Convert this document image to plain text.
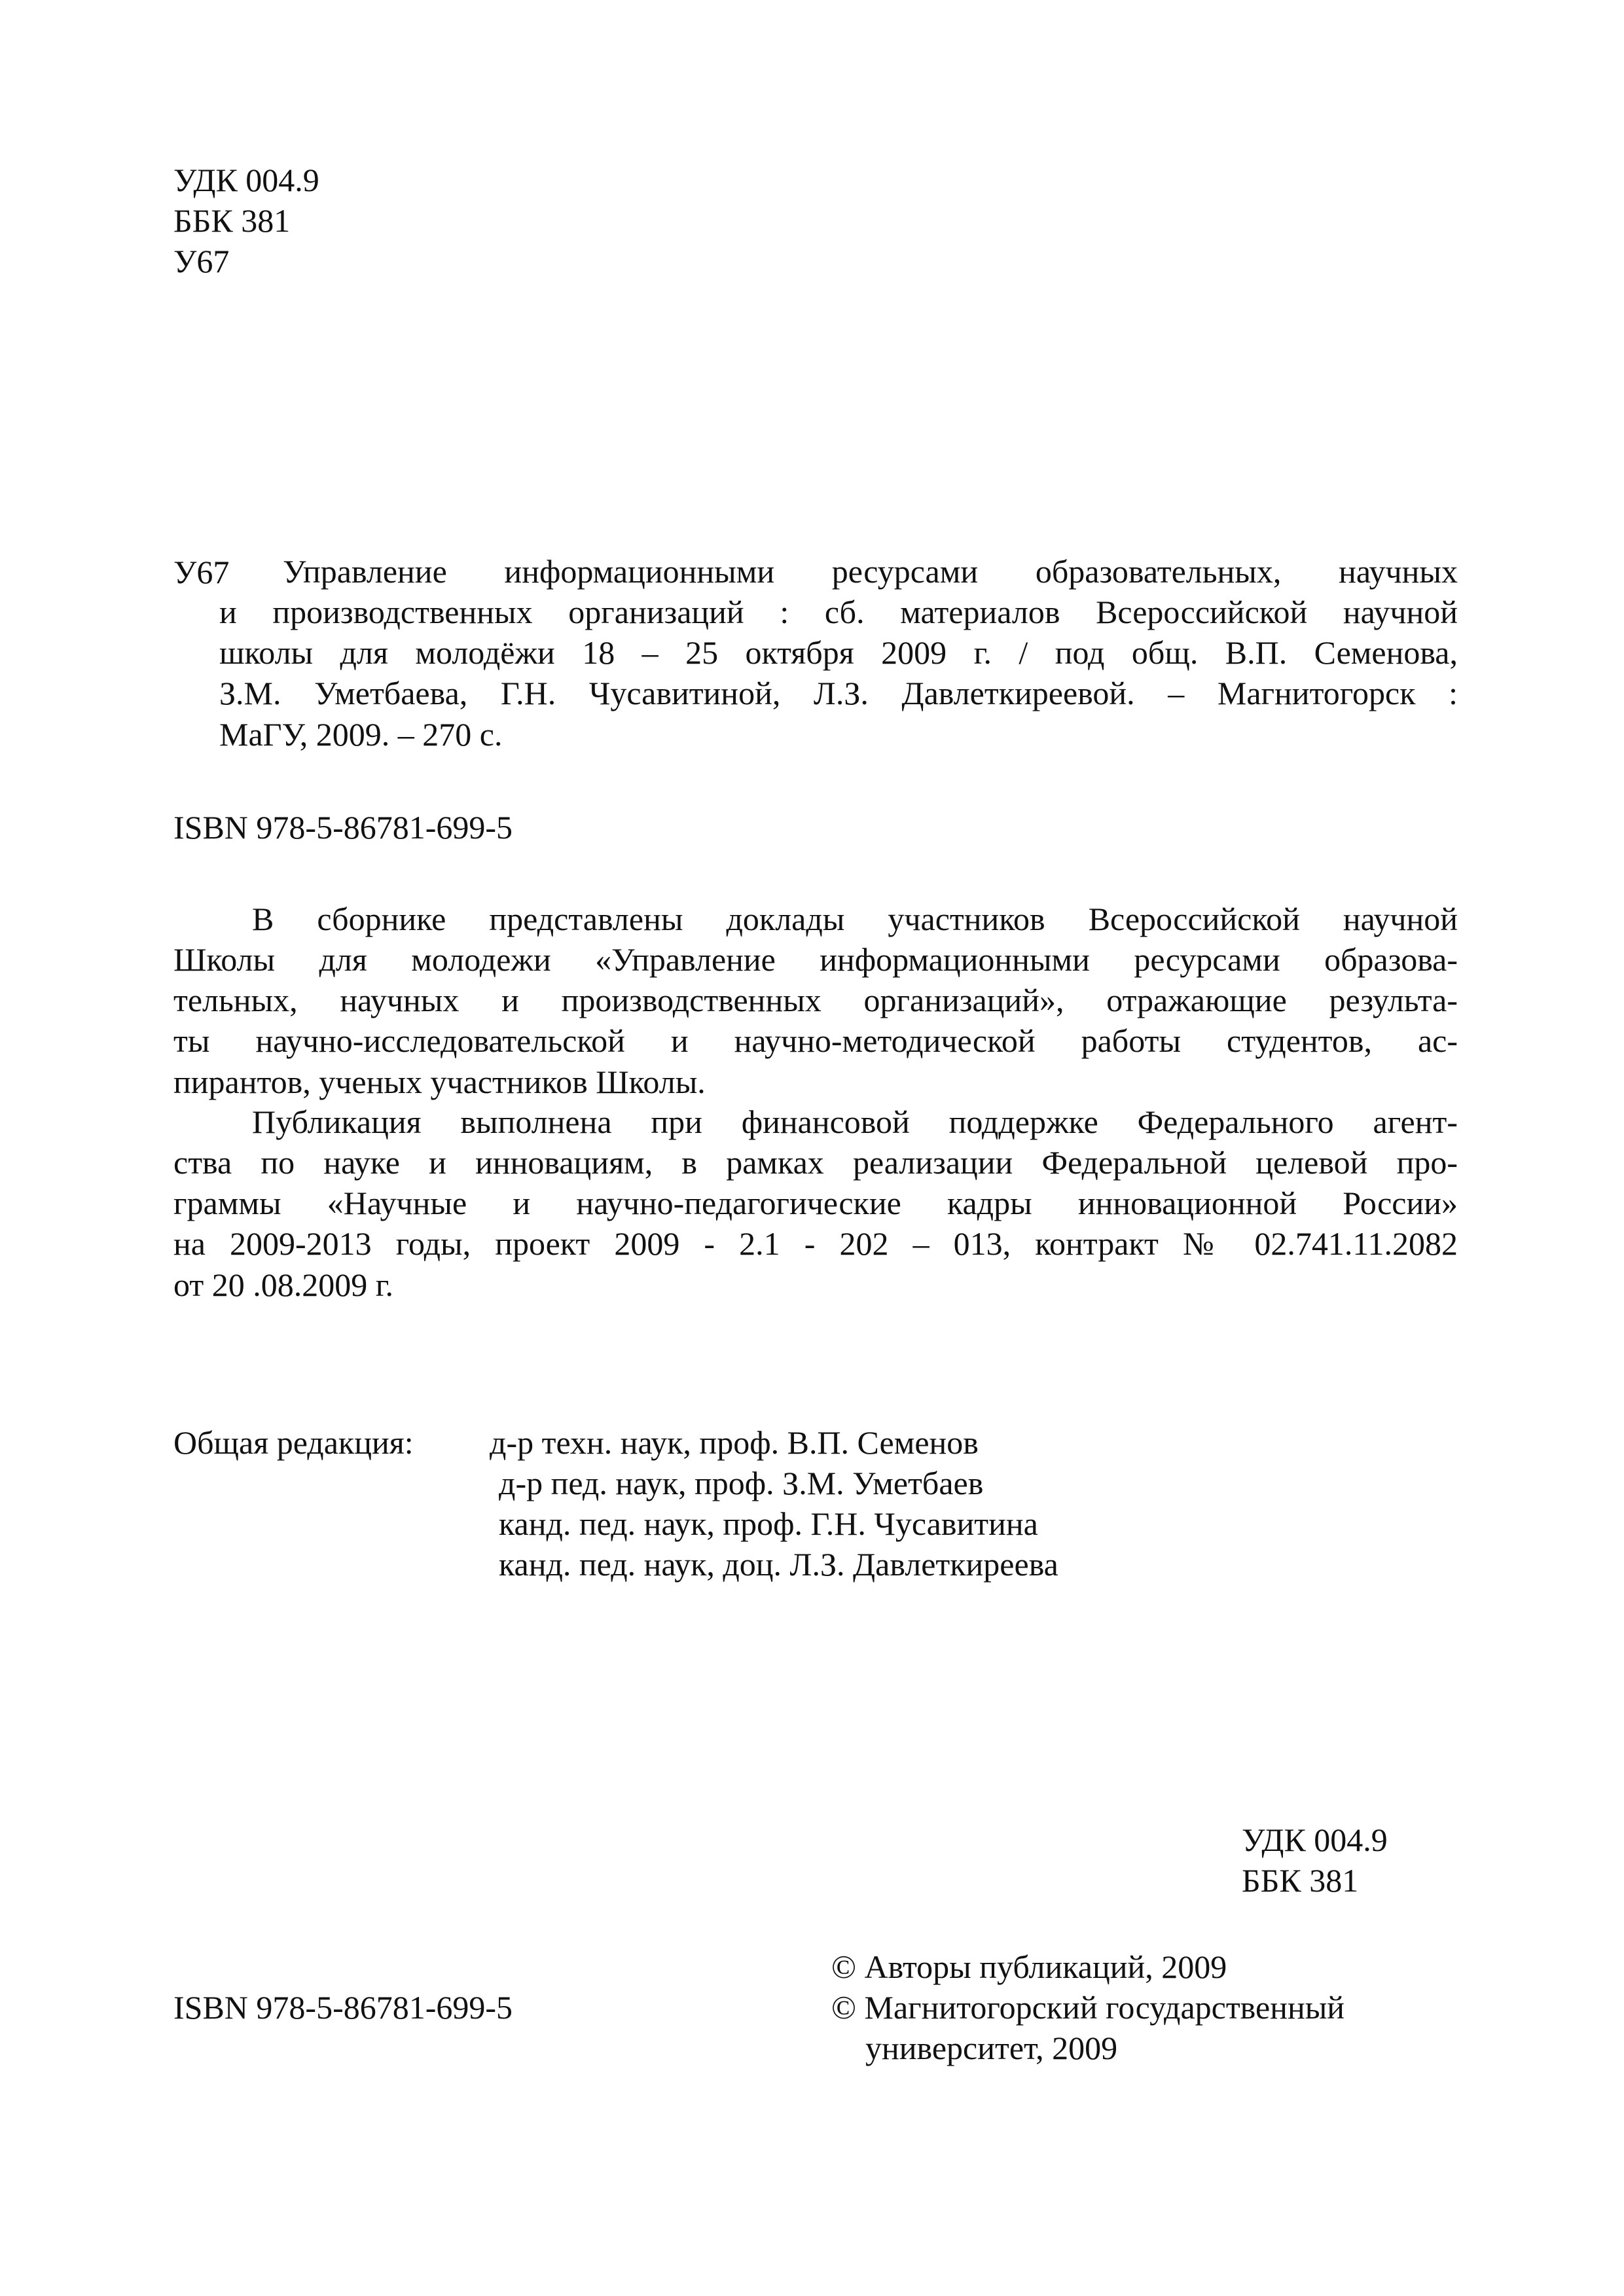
УДК 004.9

ББК 381

У67

У67 Управление информационными ресурсами образовательных, научных

и производственных организаций : сб. материалов Всероссийской научной

школы для молодёжи 18 – 25 октября 2009 г. / под общ. В.П. Семенова,

З.М. Уметбаева, Г.Н. Чусавитиной, Л.З. Давлеткиреевой. – Магнитогорск :

МаГУ, 2009. – 270 с.

ISBN 978-5-86781-699-5

В сборнике представлены доклады участников Всероссийской научной

Школы для молодежи «Управление информационными ресурсами образова-

тельных, научных и производственных организаций», отражающие результа-

ты научно-исследовательской и научно-методической работы студентов, ас-

пирантов, ученых участников Школы.

Публикация выполнена при финансовой поддержке Федерального агент-

ства по науке и инновациям, в рамках реализации Федеральной целевой про-

граммы «Научные и научно-педагогические кадры инновационной России»

на 2009-2013 годы, проект 2009 - 2.1 - 202 – 013, контракт № 02.741.11.2082

от 20 .08.2009 г.

Общая редакция: д-р техн. наук, проф. В.П. Семенов

д-р пед. наук, проф. З.М. Уметбаев

канд. пед. наук, проф. Г.Н. Чусавитина

канд. пед. наук, доц. Л.З. Давлеткиреева

УДК 004.9

ББК 381

© Авторы публикаций, 2009

ISBN 978-5-86781-699-5	© Магнитогорский государственный

университет, 2009
